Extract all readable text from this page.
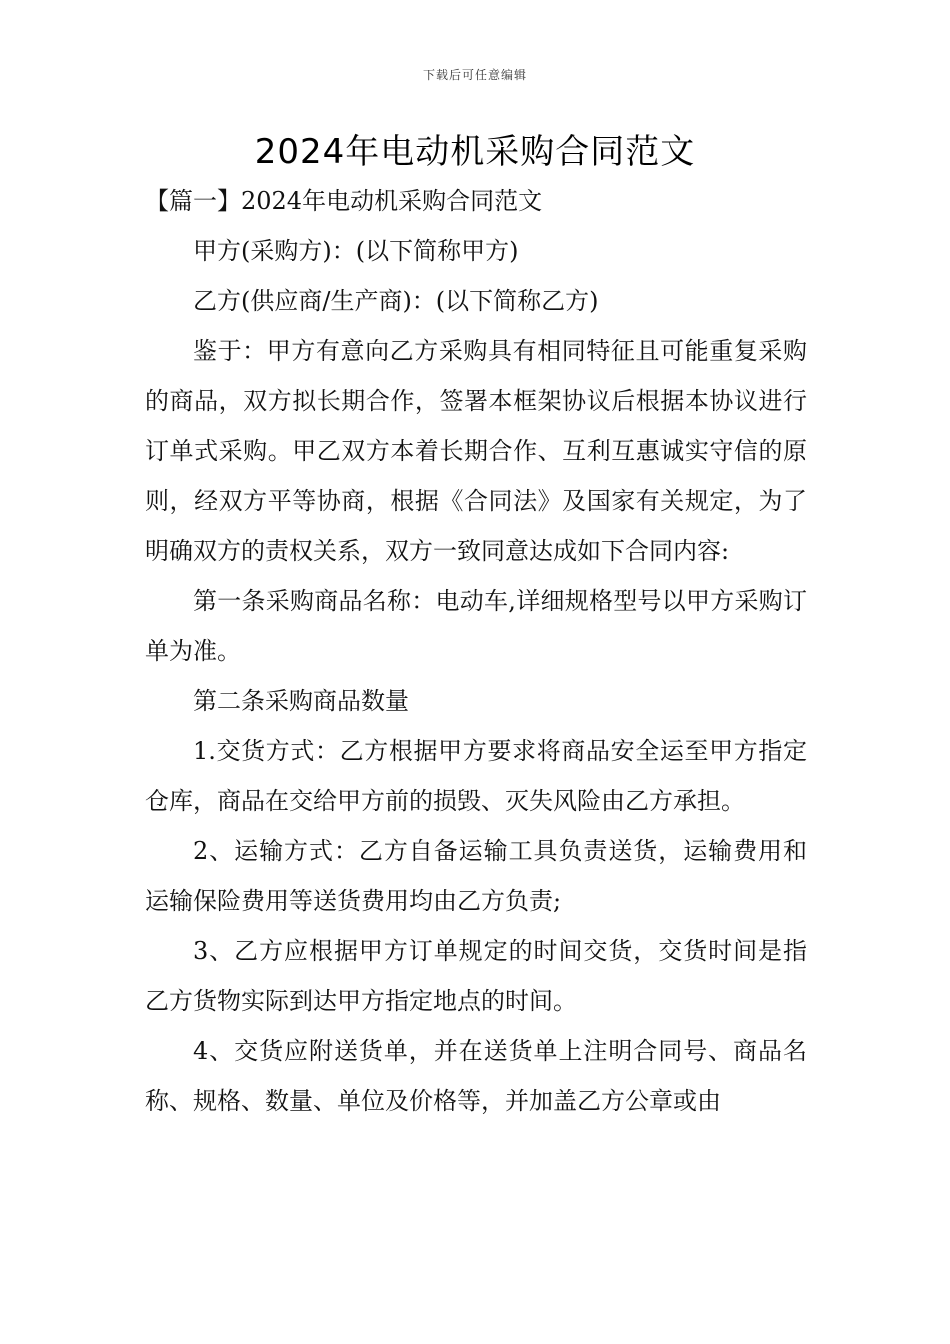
下载后可任意编辑
2024年电动机采购合同范文

【篇一】2024年电动机采购合同范文

甲方(采购方)：(以下简称甲方)

乙方(供应商/生产商)：(以下简称乙方)

鉴于：甲方有意向乙方采购具有相同特征且可能重复采购的商品，双方拟长期合作，签署本框架协议后根据本协议进行订单式采购。甲乙双方本着长期合作、互利互惠诚实守信的原则，经双方平等协商，根据《合同法》及国家有关规定，为了明确双方的责权关系，双方一致同意达成如下合同内容:

第一条采购商品名称：电动车,详细规格型号以甲方采购订单为准。

第二条采购商品数量

1.交货方式：乙方根据甲方要求将商品安全运至甲方指定仓库，商品在交给甲方前的损毁、灭失风险由乙方承担。

2、运输方式：乙方自备运输工具负责送货，运输费用和运输保险费用等送货费用均由乙方负责;

3、乙方应根据甲方订单规定的时间交货，交货时间是指乙方货物实际到达甲方指定地点的时间。

4、交货应附送货单，并在送货单上注明合同号、商品名称、规格、数量、单位及价格等，并加盖乙方公章或由
